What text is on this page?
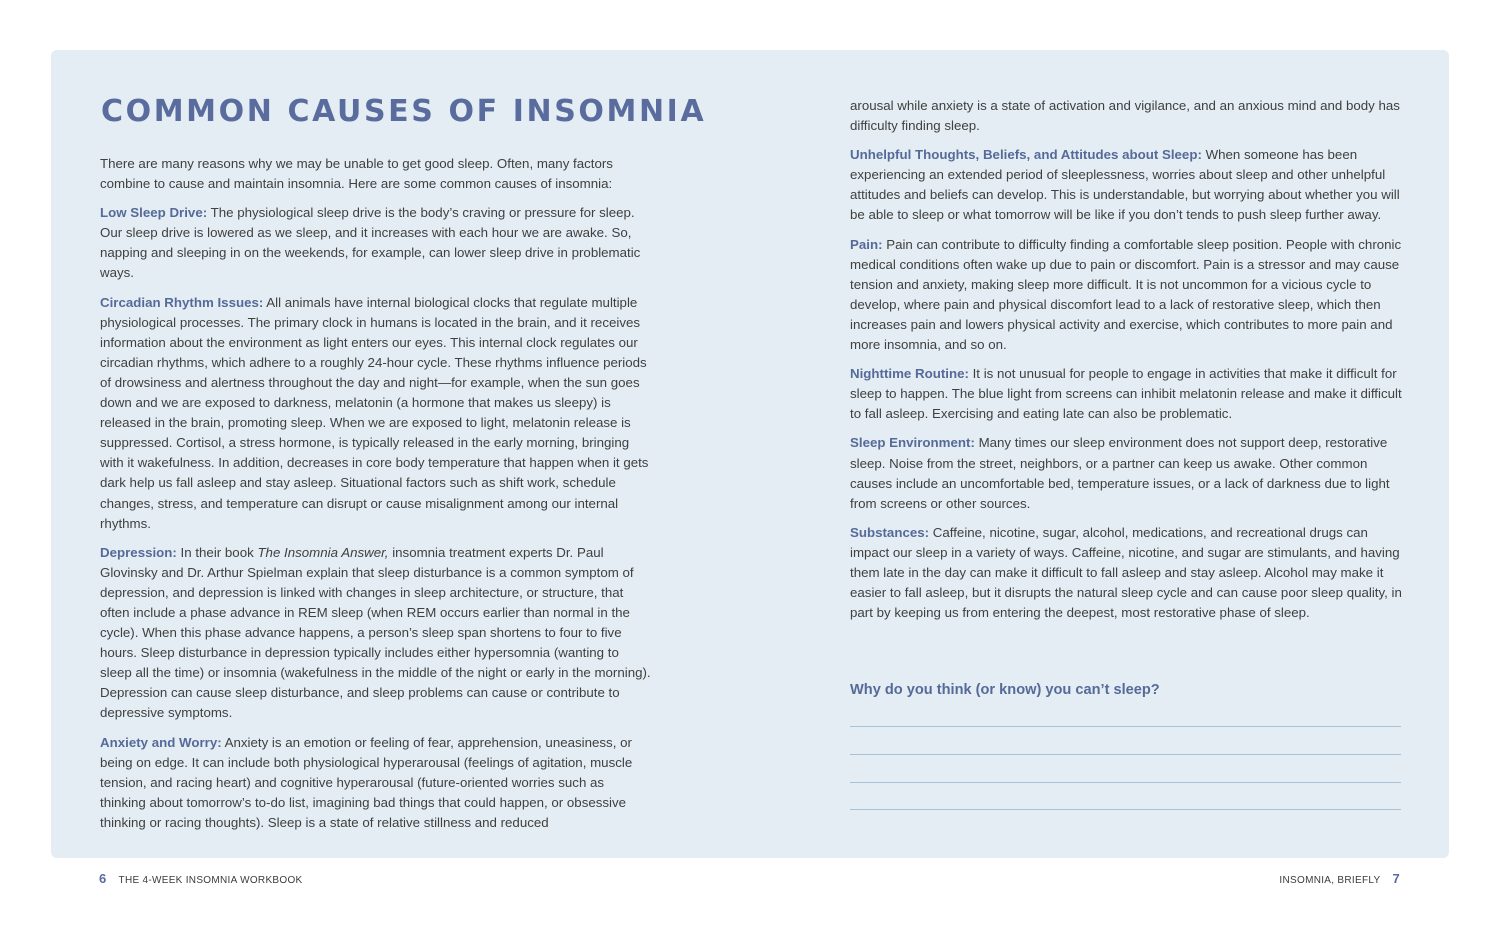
There are many reasons why we may be unable to get good sleep. Often, many factors combine to cause and maintain insomnia. Here are some common causes of insomnia:

Low Sleep Drive: The physiological sleep drive is the body’s craving or pressure for sleep. Our sleep drive is lowered as we sleep, and it increases with each hour we are awake. So, napping and sleeping in on the weekends, for example, can lower sleep drive in problematic ways.

Circadian Rhythm Issues: All animals have internal biological clocks that regulate multiple physiological processes. The primary clock in humans is located in the brain, and it receives information about the environment as light enters our eyes. This internal clock regulates our circadian rhythms, which adhere to a roughly 24-hour cycle. These rhythms influence periods of drowsiness and alertness throughout the day and night—for example, when the sun goes down and we are exposed to darkness, melatonin (a hormone that makes us sleepy) is released in the brain, promoting sleep. When we are exposed to light, melatonin release is suppressed. Cortisol, a stress hormone, is typically released in the early morning, bringing with it wakefulness. In addition, decreases in core body temperature that happen when it gets dark help us fall asleep and stay asleep. Situational factors such as shift work, schedule changes, stress, and temperature can disrupt or cause misalignment among our internal rhythms.

Depression: In their book The Insomnia Answer, insomnia treatment experts Dr. Paul Glovinsky and Dr. Arthur Spielman explain that sleep disturbance is a common symptom of depression, and depression is linked with changes in sleep architecture, or structure, that often include a phase advance in REM sleep (when REM occurs earlier than normal in the cycle). When this phase advance happens, a person’s sleep span shortens to four to five hours. Sleep disturbance in depression typically includes either hypersomnia (wanting to sleep all the time) or insomnia (wakefulness in the middle of the night or early in the morning). Depression can cause sleep disturbance, and sleep problems can cause or contribute to depressive symptoms.

Anxiety and Worry: Anxiety is an emotion or feeling of fear, apprehension, uneasiness, or being on edge. It can include both physiological hyperarousal (feelings of agitation, muscle tension, and racing heart) and cognitive hyperarousal (future-oriented worries such as thinking about tomorrow’s to-do list, imagining bad things that could happen, or obsessive thinking or racing thoughts). Sleep is a state of relative stillness and reduced

COMMON CAUSES OF INSOMNIA	arousal while anxiety is a state of activation and vigilance, and an anxious mind and body has difficulty finding sleep.

Unhelpful Thoughts, Beliefs, and Attitudes about Sleep: When someone has been experiencing an extended period of sleeplessness, worries about sleep and other unhelpful attitudes and beliefs can develop. This is understandable, but worrying about whether you will be able to sleep or what tomorrow will be like if you don’t tends to push sleep further away.

Pain: Pain can contribute to difficulty finding a comfortable sleep position. People with chronic medical conditions often wake up due to pain or discomfort. Pain is a stressor and may cause tension and anxiety, making sleep more difficult. It is not uncommon for a vicious cycle to develop, where pain and physical discomfort lead to a lack of restorative sleep, which then increases pain and lowers physical activity and exercise, which contributes to more pain and more insomnia, and so on.

Nighttime Routine: It is not unusual for people to engage in activities that make it difficult for sleep to happen. The blue light from screens can inhibit melatonin release and make it difficult to fall asleep. Exercising and eating late can also be problematic.

Sleep Environment: Many times our sleep environment does not support deep, restorative sleep. Noise from the street, neighbors, or a partner can keep us awake. Other common causes include an uncomfortable bed, temperature issues, or a lack of darkness due to light from screens or other sources.

Substances: Caffeine, nicotine, sugar, alcohol, medications, and recreational drugs can impact our sleep in a variety of ways. Caffeine, nicotine, and sugar are stimulants, and having them late in the day can make it difficult to fall asleep and stay asleep. Alcohol may make it easier to fall asleep, but it disrupts the natural sleep cycle and can cause poor sleep quality, in part by keeping us from entering the deepest, most restorative phase of sleep.

Why do you think (or know) you can’t sleep?

6 THE 4-WEEK INSOMNIA WORKBOOK	INSOMNIA, BRIEFLY 7
